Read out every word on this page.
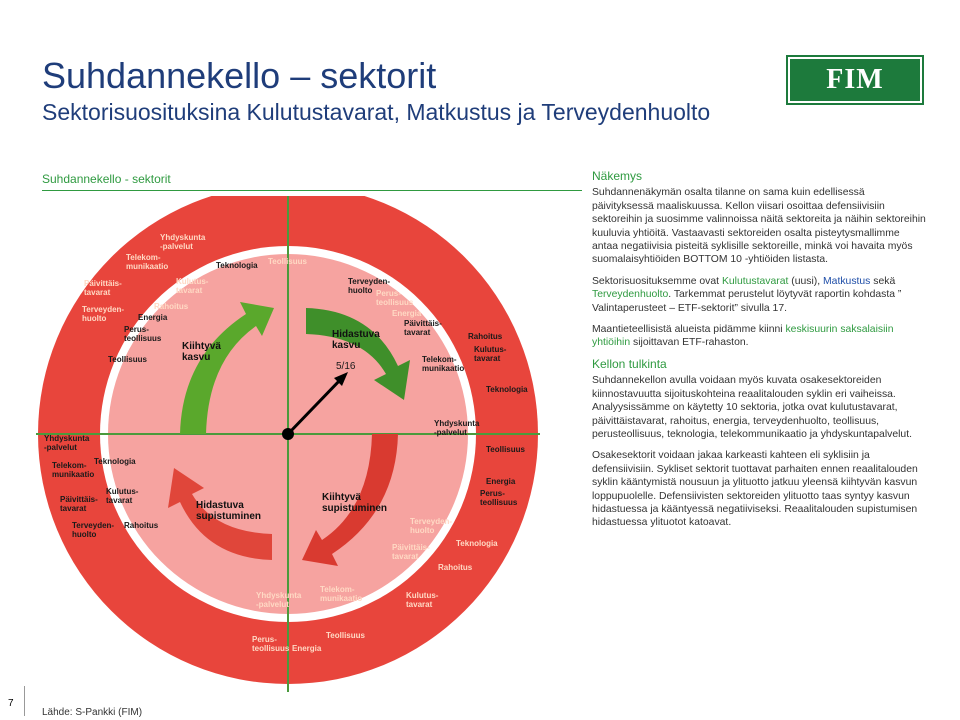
Suhdannekello – sektorit
Sektorisuosituksina Kulutustavarat, Matkustus ja Terveydenhuolto
FIM
Suhdannekello - sektorit
5/16
Kiihtyvä kasvu
Hidastuva kasvu
Kiihtyvä supistuminen
Hidastuva supistuminen
Yhdyskunta -palvelut
Telekom-munikaatio
Kulutus-tavarat
Päivittäis-tavarat
Rahoitus
Terveyden-huolto	Energia
Perus-teollisuus
Teollisuus
Teknologia Teollisuus
Terveyden-huolto Perus-teollisuus
Energia
Päivittäis-tavarat	Rahoitus
Kulutus-tavarat
Telekom-munikaatio
Teknologia
Yhdyskunta -palvelut
Telekom-munikaatio
Teknologia
Kulutus-tavarat
Päivittäis-tavarat
Terveyden-huolto
Rahoitus
Yhdyskunta -palvelut
Teollisuus
Energia
Perus-teollisuus
Terveyden-huolto
Teknologia
Päivittäis-tavarat
Rahoitus
Yhdyskunta -palvelut
Telekom-munikaatio	Kulutus-tavarat
Perus-teollisuus Energia
Teollisuus
Näkemys

Suhdannenäkymän osalta tilanne on sama kuin edellisessä päivityksessä maaliskuussa. Kellon viisari osoittaa defensiivisiin sektoreihin ja suosimme valinnoissa näitä sektoreita ja näihin sektoreihin kuuluvia yhtiöitä. Vastaavasti sektoreiden osalta pisteytysmallimme antaa negatiivisia pisteitä syklisille sektoreille, minkä voi havaita myös suomalaisyhtiöiden BOTTOM 10 -yhtiöiden listasta.

Sektorisuosituksemme ovat Kulutustavarat (uusi), Matkustus sekä Terveydenhuolto. Tarkemmat perustelut löytyvät raportin kohdasta ” Valintaperusteet – ETF-sektorit” sivulla 17.

Maantieteellisistä alueista pidämme kiinni keskisuurin saksalaisiin yhtiöihin sijoittavan ETF-rahaston.

Kellon tulkinta

Suhdannekellon avulla voidaan myös kuvata osakesektoreiden kiinnostavuutta sijoituskohteina reaalitalouden syklin eri vaiheissa. Analyysissämme on käytetty 10 sektoria, jotka ovat kulutustavarat, päivittäistavarat, rahoitus, energia, terveydenhuolto, teollisuus, perusteollisuus, teknologia, telekommunikaatio ja yhdyskuntapalvelut.

Osakesektorit voidaan jakaa karkeasti kahteen eli syklisiin ja defensiivisiin. Sykliset sektorit tuottavat parhaiten ennen reaalitalouden syklin kääntymistä nousuun ja ylituotto jatkuu yleensä kiihtyvän kasvun loppupuolelle. Defensiivisten sektoreiden ylituotto taas syntyy kasvun hidastuessa ja kääntyessä negatiiviseksi. Reaalitalouden supistumisen hidastuessa ylituotot katoavat.

7
Lähde: S-Pankki (FIM)
